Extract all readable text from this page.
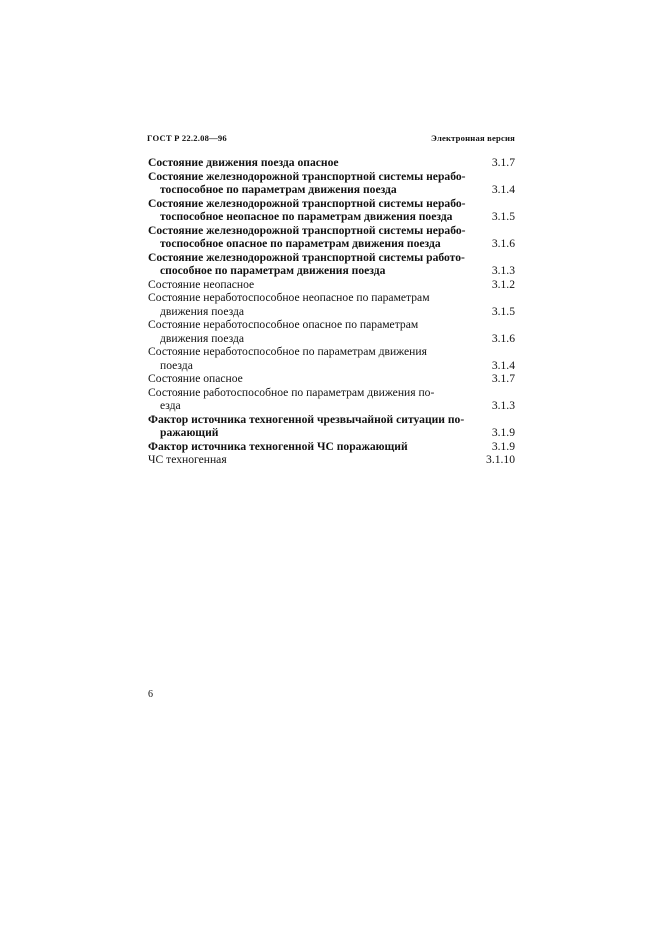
ГОСТ Р 22.2.08—96	Электронная версия
Состояние движения поезда опасное	3.1.7
Состояние железнодорожной транспортной системы нерабо-
тоспособное по параметрам движения поезда	3.1.4
Состояние железнодорожной транспортной системы нерабо-
тоспособное неопасное по параметрам движения поезда	3.1.5
Состояние железнодорожной транспортной системы нерабо-
тоспособное опасное по параметрам движения поезда	3.1.6
Состояние железнодорожной транспортной системы работо-
способное по параметрам движения поезда	3.1.3
Состояние неопасное	3.1.2
Состояние неработоспособное неопасное по параметрам
движения поезда	3.1.5
Состояние неработоспособное опасное по параметрам
движения поезда	3.1.6
Состояние неработоспособное по параметрам движения
поезда	3.1.4
Состояние опасное	3.1.7
Состояние работоспособное по параметрам движения по-
езда	3.1.3
Фактор источника техногенной чрезвычайной ситуации по-
ражающий	3.1.9
Фактор источника техногенной ЧС поражающий	3.1.9
ЧС техногенная	3.1.10
6
